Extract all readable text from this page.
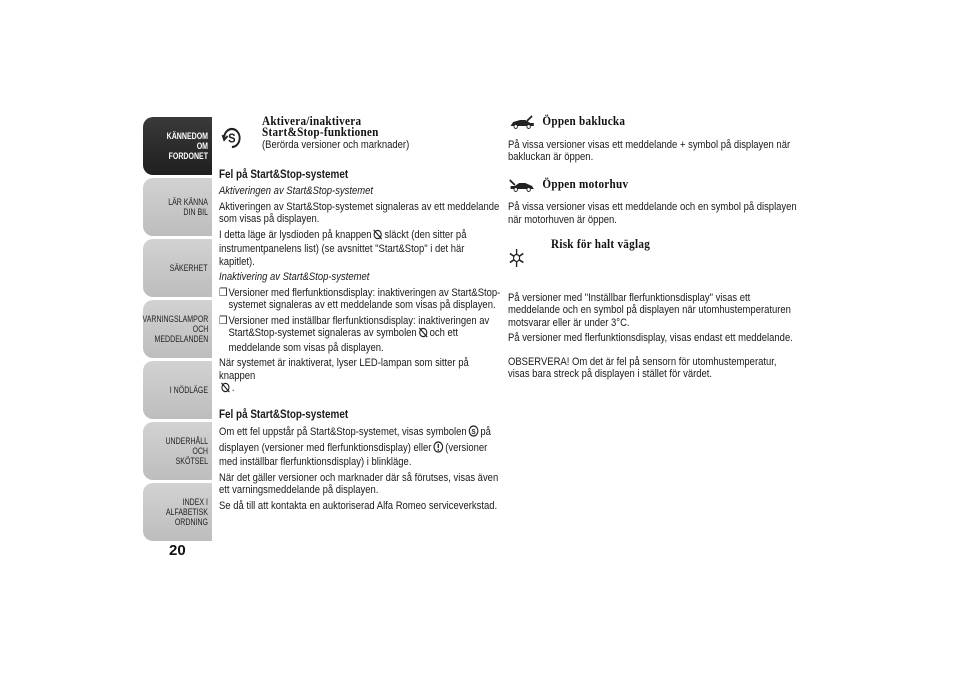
KÄNNEDOM OM
FORDONET
LÄR KÄNNA DIN BIL
SÄKERHET
VARNINGSLAMPOR
OCH MEDDELANDEN
I NÖDLÄGE
UNDERHÅLL OCH
SKÖTSEL
INDEX I ALFABETISK
ORDNING
20
S
Aktivera/inaktivera
Start&Stop-funktionen
(Berörda versioner och marknader)
Fel på Start&Stop-systemet

Aktiveringen av Start&Stop-systemet

Aktiveringen av Start&Stop-systemet signaleras av ett meddelande som visas på displayen.

I detta läge är lysdioden på knappen släckt (den sitter på instrumentpanelens list) (se avsnittet "Start&Stop" i det här kapitlet).

Inaktivering av Start&Stop-systemet

❒ Versioner med flerfunktionsdisplay: inaktiveringen av Start&Stop-systemet signaleras av ett meddelande som visas på displayen.
❒ Versioner med inställbar flerfunktionsdisplay: inaktiveringen av Start&Stop-systemet signaleras av symbolen och ett meddelande som visas på displayen.

När systemet är inaktiverat, lyser LED-lampan som sitter på knappen
.

Fel på Start&Stop-systemet

Om ett fel uppstår på Start&Stop-systemet, visas symbolen S på displayen (versioner med flerfunktionsdisplay) eller (versioner med inställbar flerfunktionsdisplay) i blinkläge.

När det gäller versioner och marknader där så förutses, visas även ett varningsmeddelande på displayen.

Se då till att kontakta en auktoriserad Alfa Romeo serviceverkstad.

Öppen baklucka

På vissa versioner visas ett meddelande + symbol på displayen när bakluckan är öppen.

Öppen motorhuv

På vissa versioner visas ett meddelande och en symbol på displayen när motorhuven är öppen.

Risk för halt väglag

På versioner med "Inställbar flerfunktionsdisplay" visas ett meddelande och en symbol på displayen när utomhustemperaturen motsvarar eller är under 3°C.

På versioner med flerfunktionsdisplay, visas endast ett meddelande.

OBSERVERA! Om det är fel på sensorn för utomhustemperatur, visas bara streck på displayen i stället för värdet.
